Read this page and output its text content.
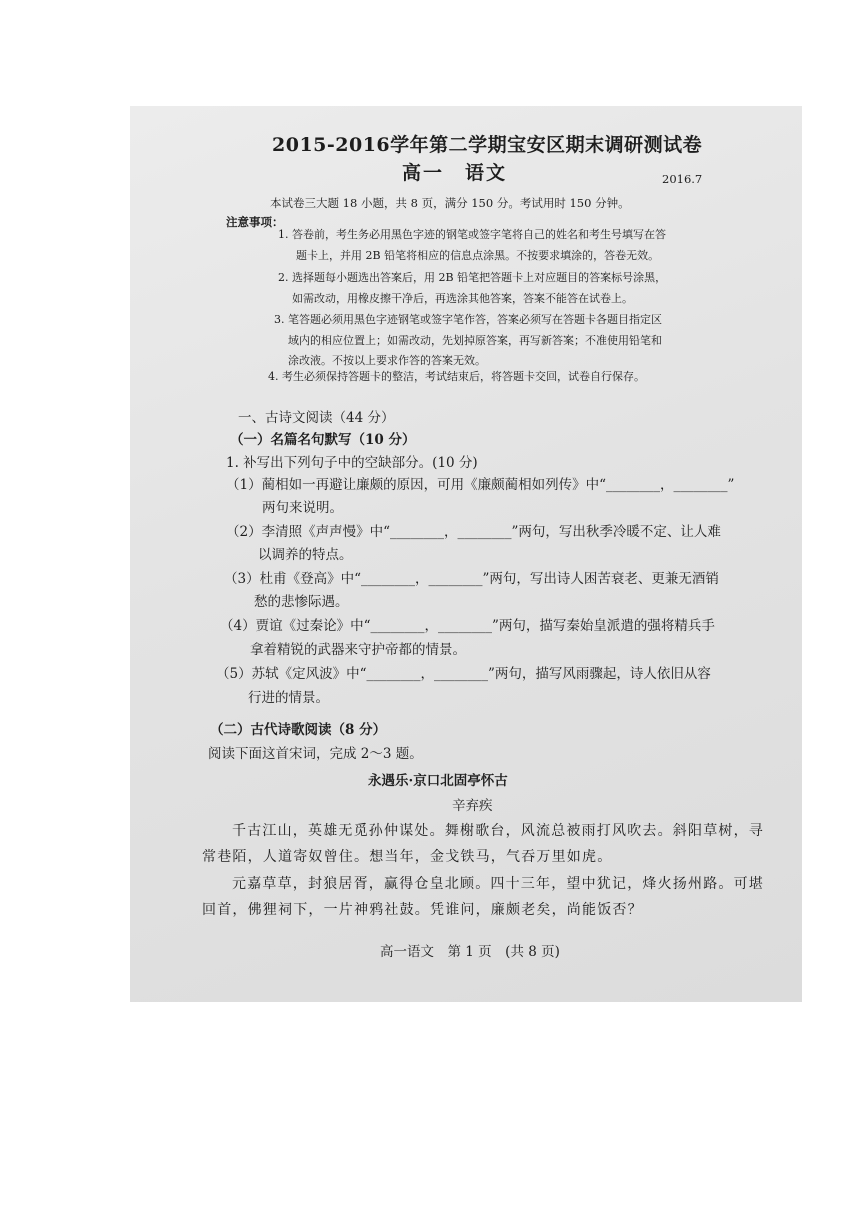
2015-2016学年第二学期宝安区期末调研测试卷
高一　语文	2016.7
本试卷三大题 18 小题，共 8 页，满分 150 分。考试用时 150 分钟。
注意事项：
1. 答卷前，考生务必用黑色字迹的钢笔或签字笔将自己的姓名和考生号填写在答
题卡上，并用 2B 铅笔将相应的信息点涂黑。不按要求填涂的，答卷无效。
2. 选择题每小题选出答案后，用 2B 铅笔把答题卡上对应题目的答案标号涂黑，
如需改动，用橡皮擦干净后，再选涂其他答案，答案不能答在试卷上。
3. 笔答题必须用黑色字迹钢笔或签字笔作答，答案必须写在答题卡各题目指定区
域内的相应位置上；如需改动，先划掉原答案，再写新答案；不准使用铅笔和
涂改液。不按以上要求作答的答案无效。
4. 考生必须保持答题卡的整洁，考试结束后，将答题卡交回，试卷自行保存。
一、古诗文阅读（44 分）
（一）名篇名句默写（10 分）
1. 补写出下列句子中的空缺部分。(10 分)
（1）蔺相如一再避让廉颇的原因，可用《廉颇蔺相如列传》中“________，________”
两句来说明。
（2）李清照《声声慢》中“________，________”两句，写出秋季冷暖不定、让人难
以调养的特点。
（3）杜甫《登高》中“________，________”两句，写出诗人困苦衰老、更兼无酒销
愁的悲惨际遇。
（4）贾谊《过秦论》中“________，________”两句，描写秦始皇派遣的强将精兵手
拿着精锐的武器来守护帝都的情景。
（5）苏轼《定风波》中“________，________”两句，描写风雨骤起，诗人依旧从容
行进的情景。
（二）古代诗歌阅读（8 分）
阅读下面这首宋词，完成 2～3 题。
永遇乐·京口北固亭怀古
辛弃疾
千古江山，英雄无觅孙仲谋处。舞榭歌台，风流总被雨打风吹去。斜阳草树，寻
常巷陌，人道寄奴曾住。想当年，金戈铁马，气吞万里如虎。
元嘉草草，封狼居胥，赢得仓皇北顾。四十三年，望中犹记，烽火扬州路。可堪
回首，佛狸祠下，一片神鸦社鼓。凭谁问，廉颇老矣，尚能饭否？
高一语文　第 1 页　(共 8 页)
